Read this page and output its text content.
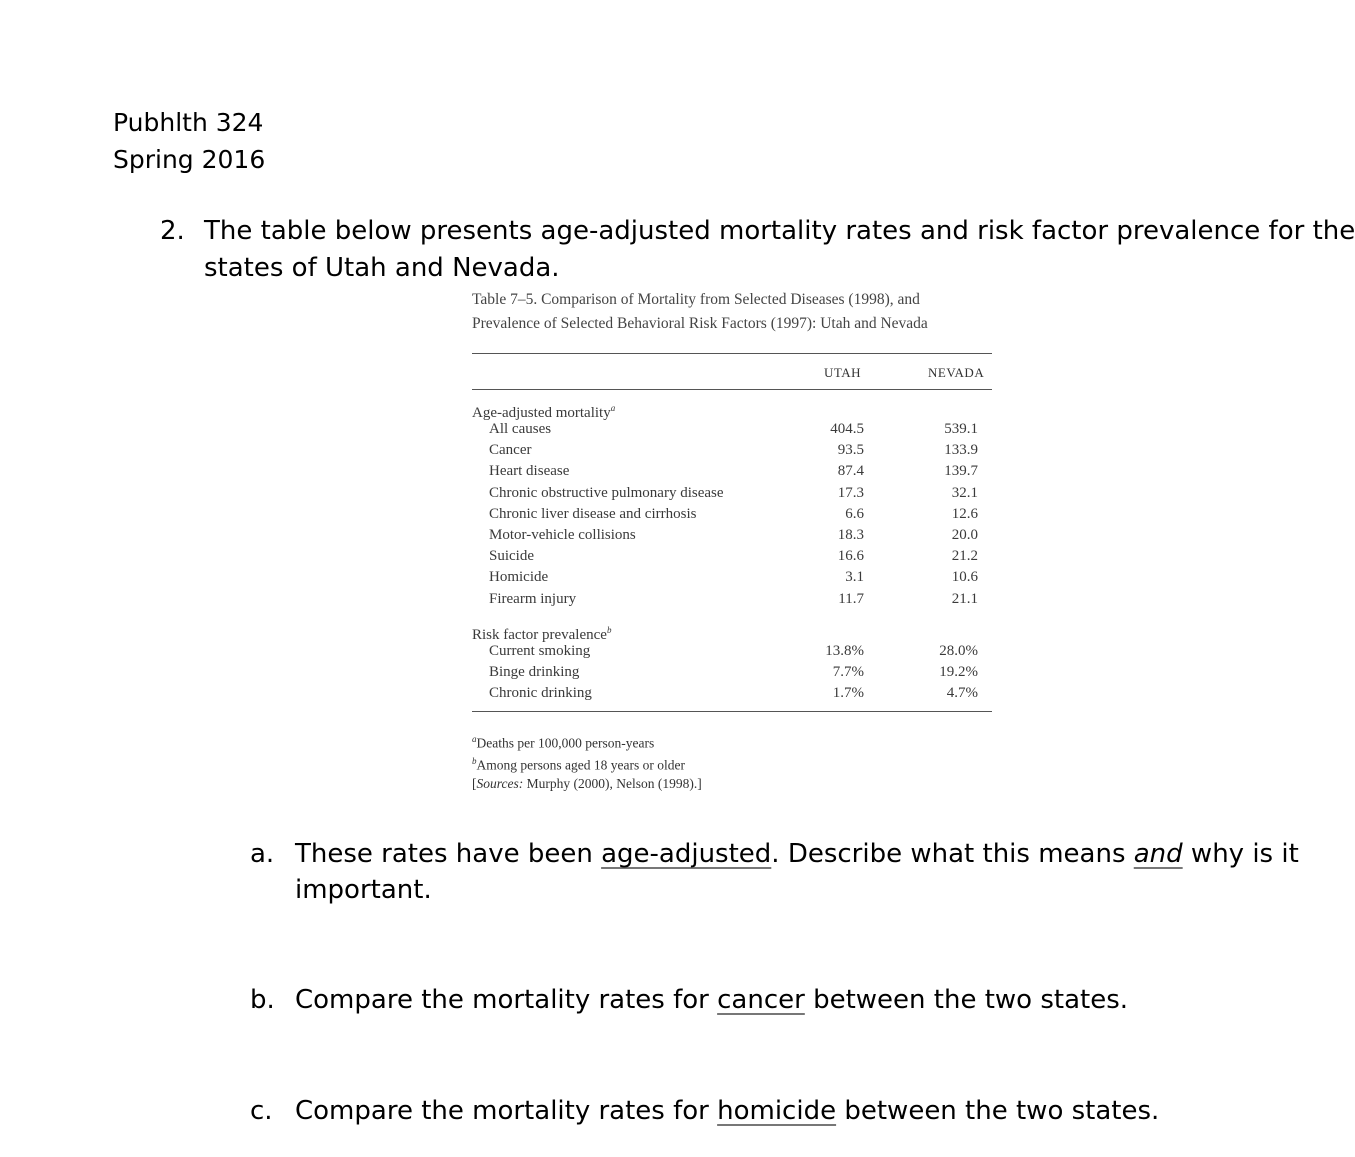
Pubhlth 324
Spring 2016
2. The table below presents age-adjusted mortality rates and risk factor prevalence for the
states of Utah and Nevada.
Table 7–5. Comparison of Mortality from Selected Diseases (1998), and
Prevalence of Selected Behavioral Risk Factors (1997): Utah and Nevada
UTAH	NEVADA
Age-adjusted mortality$^a$
All causes	404.5	539.1
Cancer	93.5	133.9
Heart disease	87.4	139.7
Chronic obstructive pulmonary disease	17.3	32.1
Chronic liver disease and cirrhosis	6.6	12.6
Motor-vehicle collisions	18.3	20.0
Suicide	16.6	21.2
Homicide	3.1	10.6
Firearm injury	11.7	21.1
Risk factor prevalence$^b$
Current smoking	13.8%	28.0%
Binge drinking	7.7%	19.2%
Chronic drinking	1.7%	4.7%
$^a$Deaths per 100,000 person-years
$^b$Among persons aged 18 years or older
[Sources: Murphy (2000), Nelson (1998).]
a. These rates have been age-adjusted. Describe what this means and why is it
important.
b. Compare the mortality rates for cancer between the two states.
c. Compare the mortality rates for homicide between the two states.
